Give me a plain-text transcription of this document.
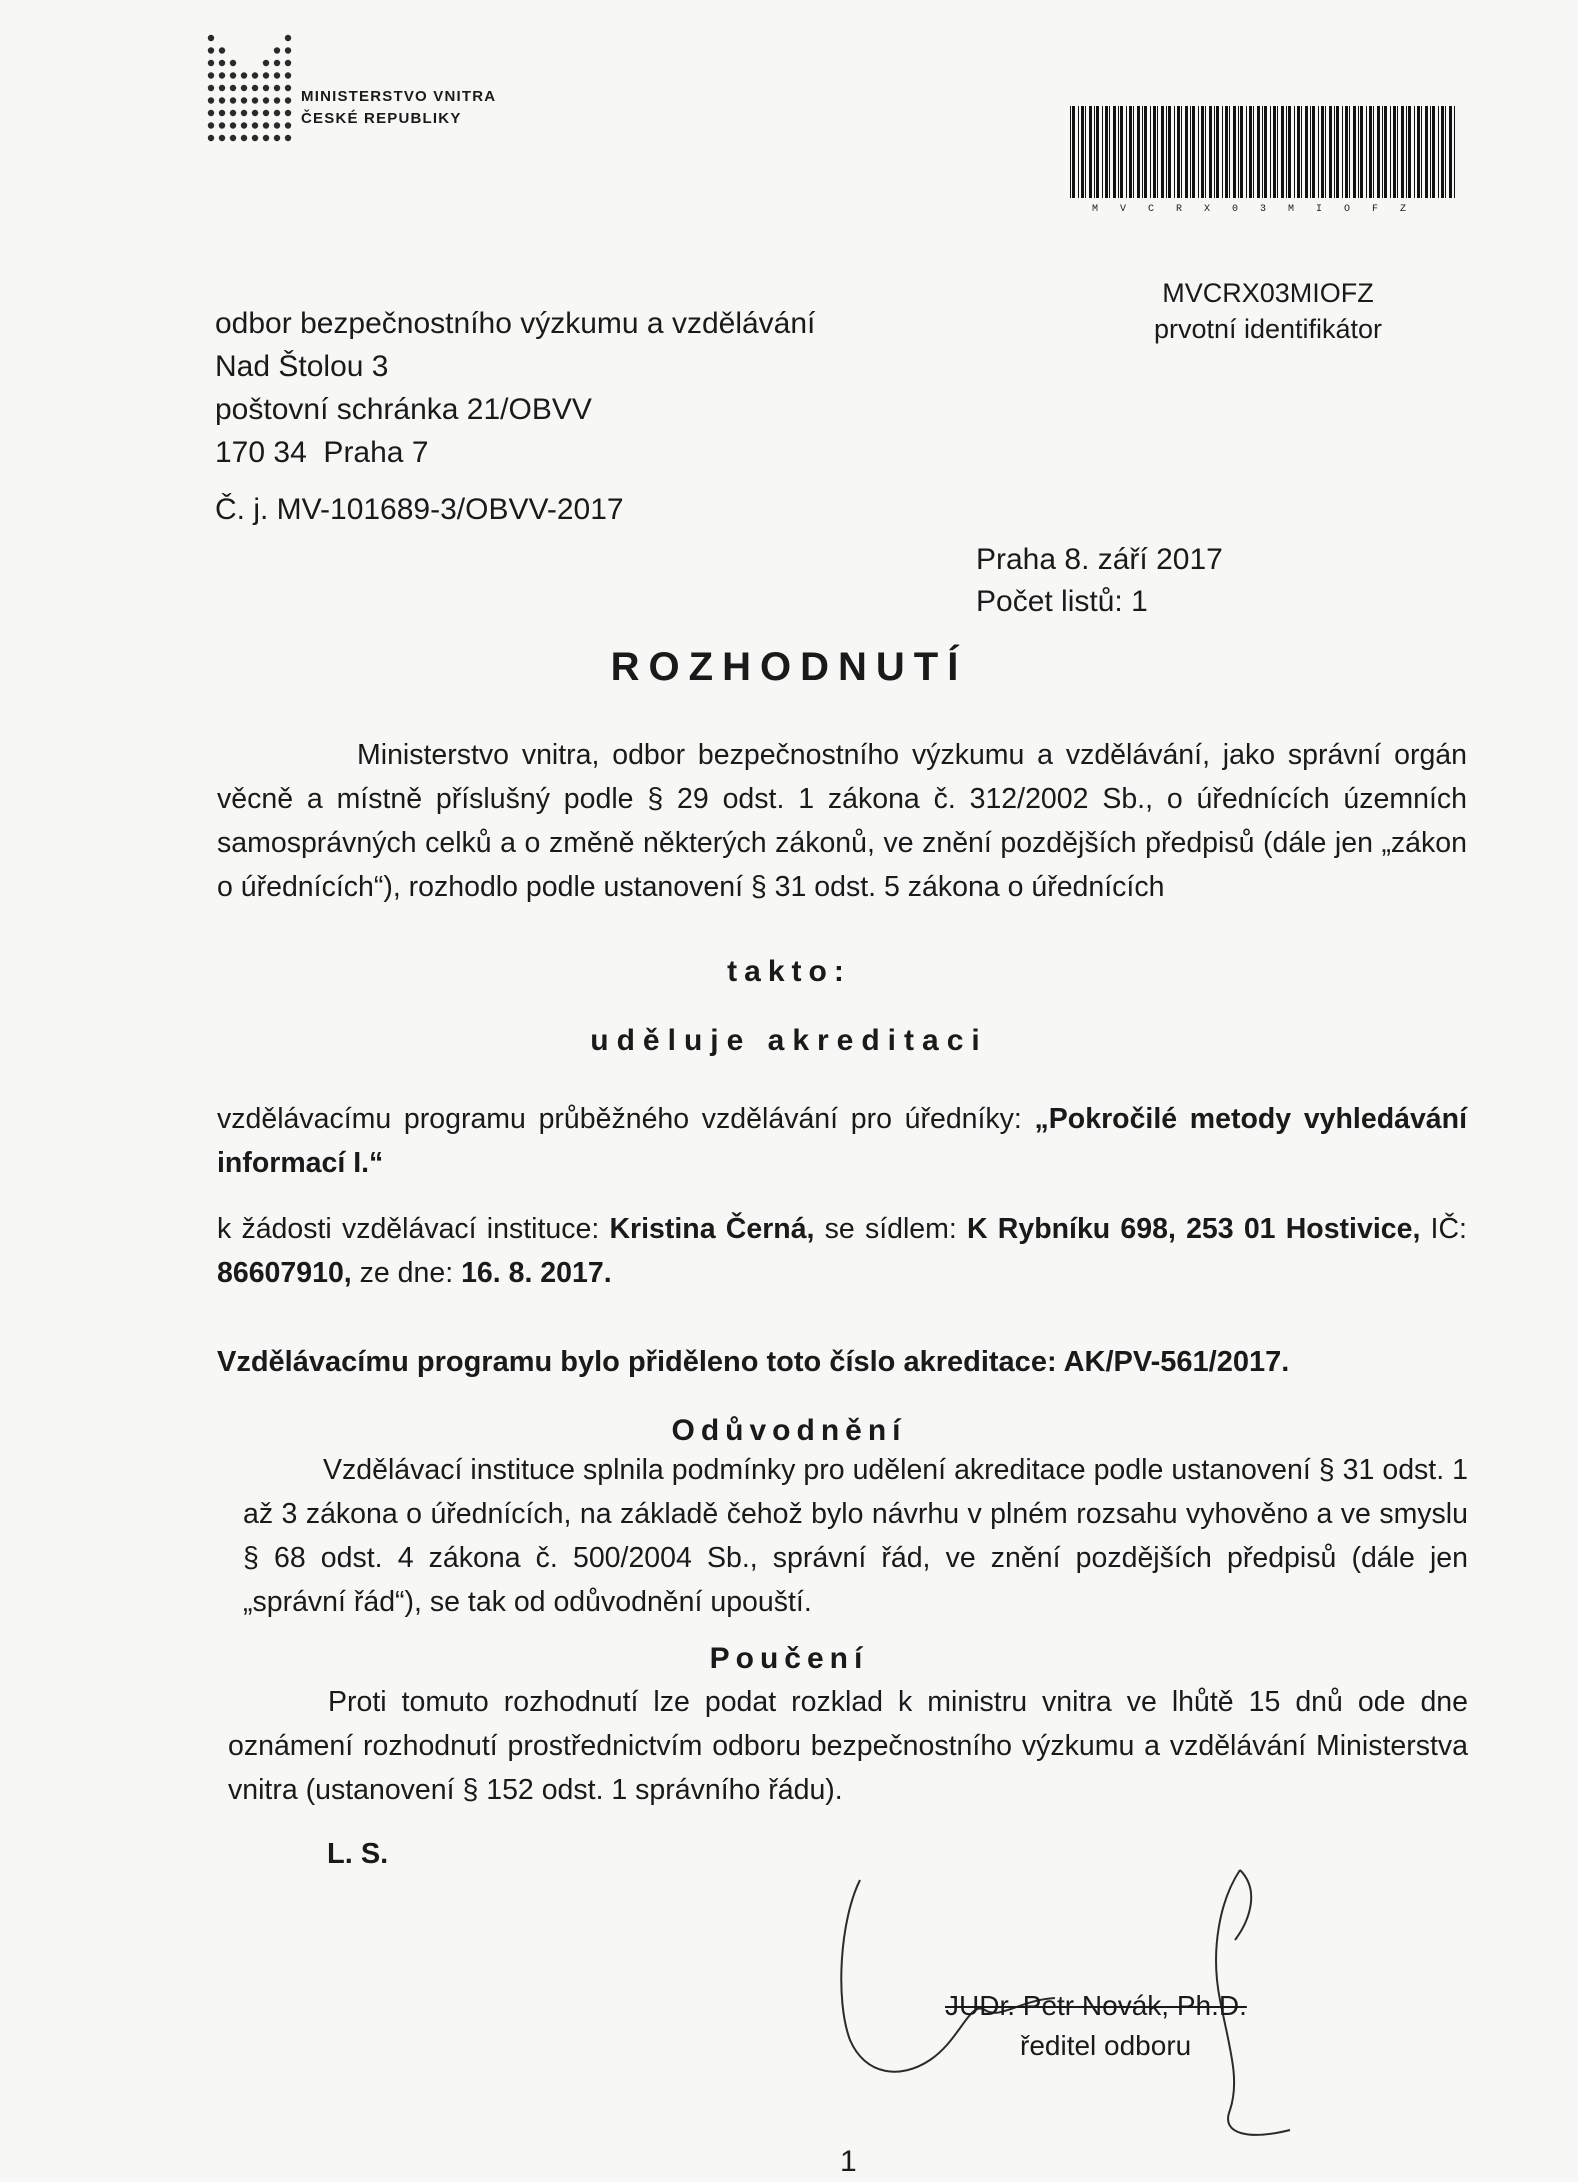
MINISTERSTVO VNITRA
ČESKÉ REPUBLIKY
MVCRX03MIOFZ
MVCRX03MIOFZ
prvotní identifikátor
odbor bezpečnostního výzkumu a vzdělávání
Nad Štolou 3
poštovní schránka 21/OBVV
170 34  Praha 7
Č. j. MV-101689-3/OBVV-2017
Praha 8. září 2017
Počet listů: 1
ROZHODNUTÍ
Ministerstvo vnitra, odbor bezpečnostního výzkumu a vzdělávání, jako správní orgán věcně a místně příslušný podle § 29 odst. 1 zákona č. 312/2002 Sb., o úřednících územních samosprávných celků a o změně některých zákonů, ve znění pozdějších předpisů (dále jen „zákon o úřednících“), rozhodlo podle ustanovení § 31 odst. 5 zákona o úřednících
takto:
uděluje akreditaci
vzdělávacímu programu průběžného vzdělávání pro úředníky: „Pokročilé metody vyhledávání informací I.“
k žádosti vzdělávací instituce: Kristina Černá, se sídlem: K Rybníku 698, 253 01 Hostivice, IČ: 86607910, ze dne: 16. 8. 2017.
Vzdělávacímu programu bylo přiděleno toto číslo akreditace: AK/PV-561/2017.
Odůvodnění
Vzdělávací instituce splnila podmínky pro udělení akreditace podle ustanovení § 31 odst. 1 až 3 zákona o úřednících, na základě čehož bylo návrhu v plném rozsahu vyhověno a ve smyslu § 68 odst. 4 zákona č. 500/2004 Sb., správní řád, ve znění pozdějších předpisů (dále jen „správní řád“), se tak od odůvodnění upouští.
Poučení
Proti tomuto rozhodnutí lze podat rozklad k ministru vnitra ve lhůtě 15 dnů ode dne oznámení rozhodnutí prostřednictvím odboru bezpečnostního výzkumu a vzdělávání Ministerstva vnitra (ustanovení § 152 odst. 1 správního řádu).
L. S.
JUDr. Petr Novák, Ph.D.
ředitel odboru
1
